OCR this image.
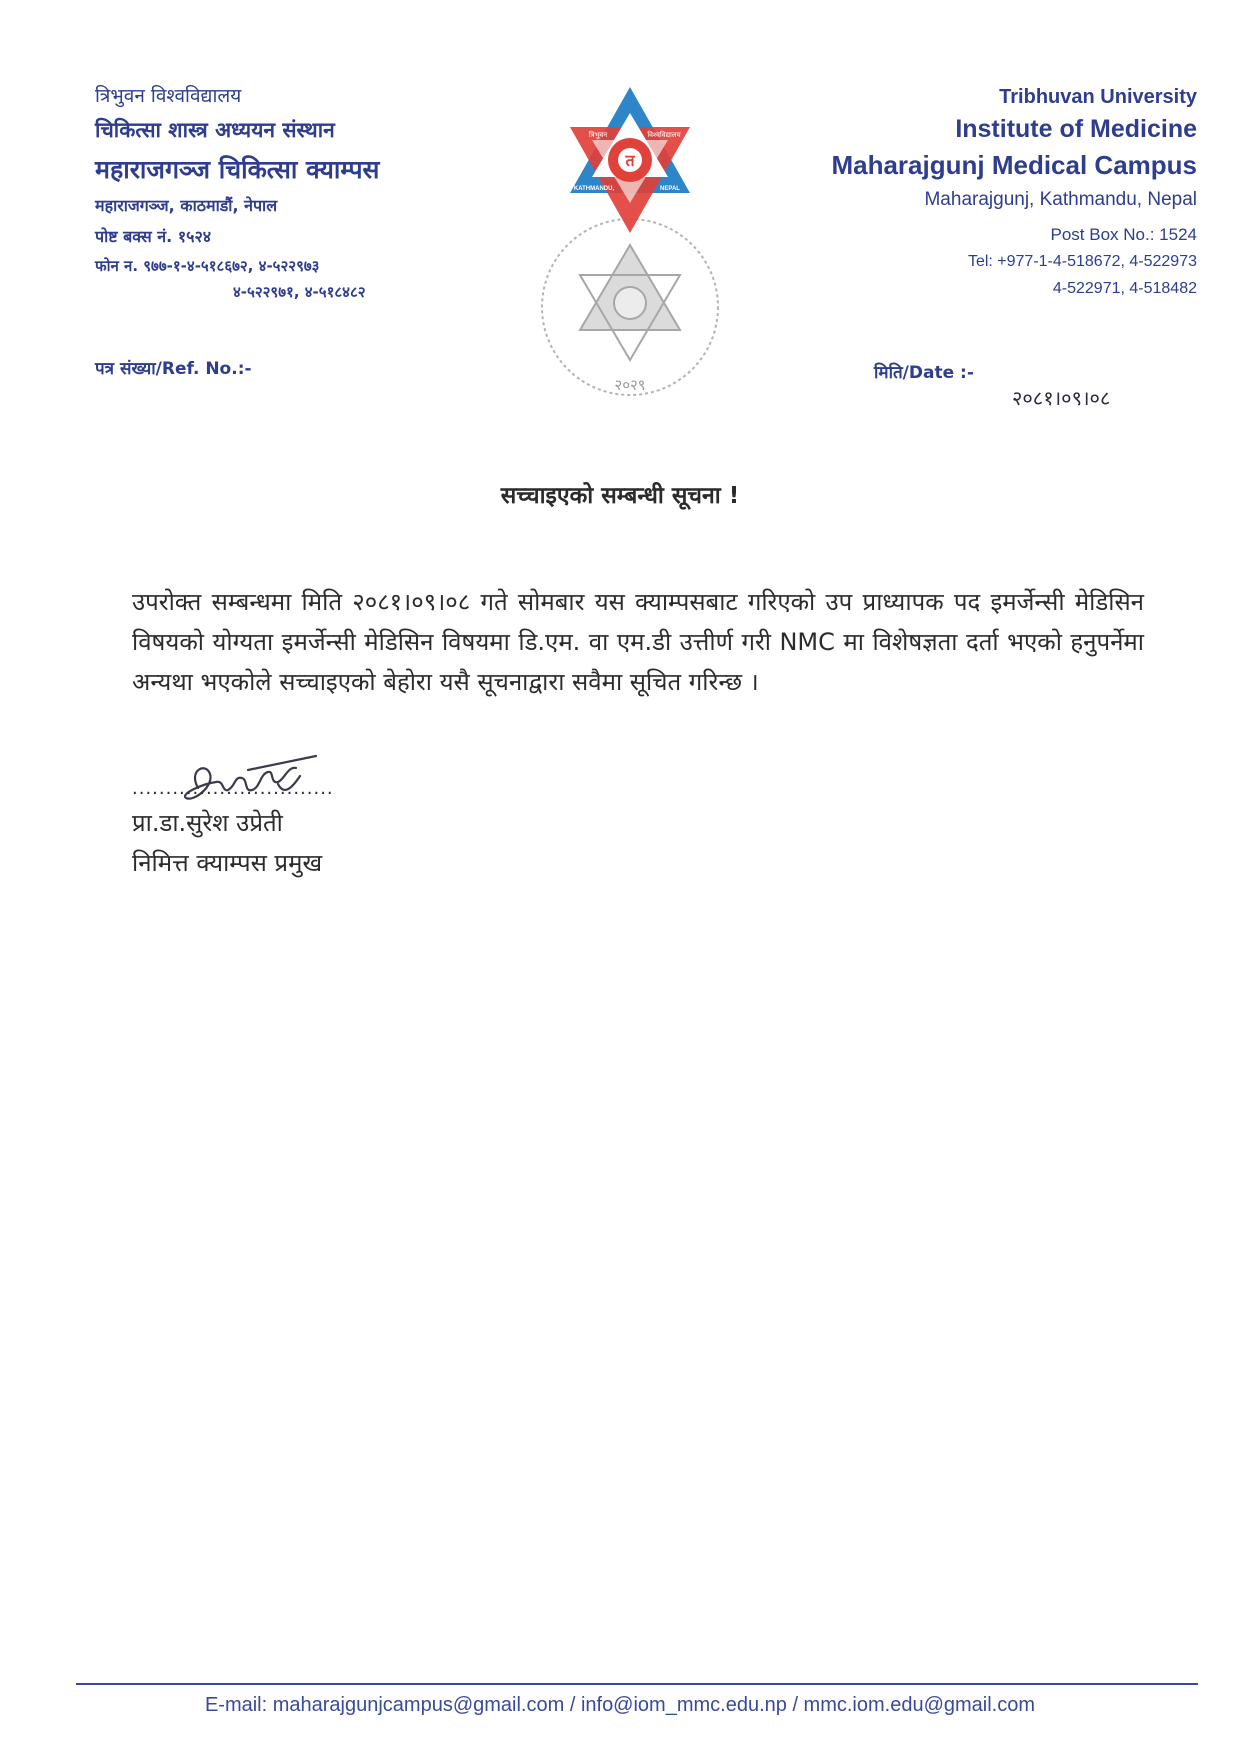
त्रिभुवन विश्वविद्यालय
चिकित्सा शास्त्र अध्ययन संस्थान
महाराजगञ्ज चिकित्सा क्याम्पस
महाराजगञ्ज, काठमाडौं, नेपाल
पोष्ट बक्स नं. १५२४
फोन न. ९७७-१-४-५१८६७२, ४-५२२९७३
४-५२२९७१, ४-५१८४८२
२०२९
त
त्रिभुवन	विश्वविद्यालय
KATHMANDU,	NEPAL
Tribhuvan University
Institute of Medicine
Maharajgunj Medical Campus
Maharajgunj, Kathmandu, Nepal
Post Box No.: 1524
Tel: +977-1-4-518672, 4-522973
4-522971, 4-518482
पत्र संख्या/Ref. No.:-	मिति/Date :-
२०८१।०९।०८
सच्चाइएको सम्बन्धी सूचना !
उपरोक्त सम्बन्धमा मिति २०८१।०९।०८ गते सोमबार यस क्याम्पसबाट गरिएको उप प्राध्यापक पद इमर्जेन्सी मेडिसिन विषयको योग्यता इमर्जेन्सी मेडिसिन विषयमा डि.एम. वा एम.डी उत्तीर्ण गरी NMC मा विशेषज्ञता दर्ता भएको हनुपर्नेमा अन्यथा भएकोले सच्चाइएको बेहोरा यसै सूचनाद्वारा सवैमा सूचित गरिन्छ ।
..............................
प्रा.डा.सुरेश उप्रेती
निमित्त क्याम्पस प्रमुख
E-mail: maharajgunjcampus@gmail.com / info@iom_mmc.edu.np / mmc.iom.edu@gmail.com
